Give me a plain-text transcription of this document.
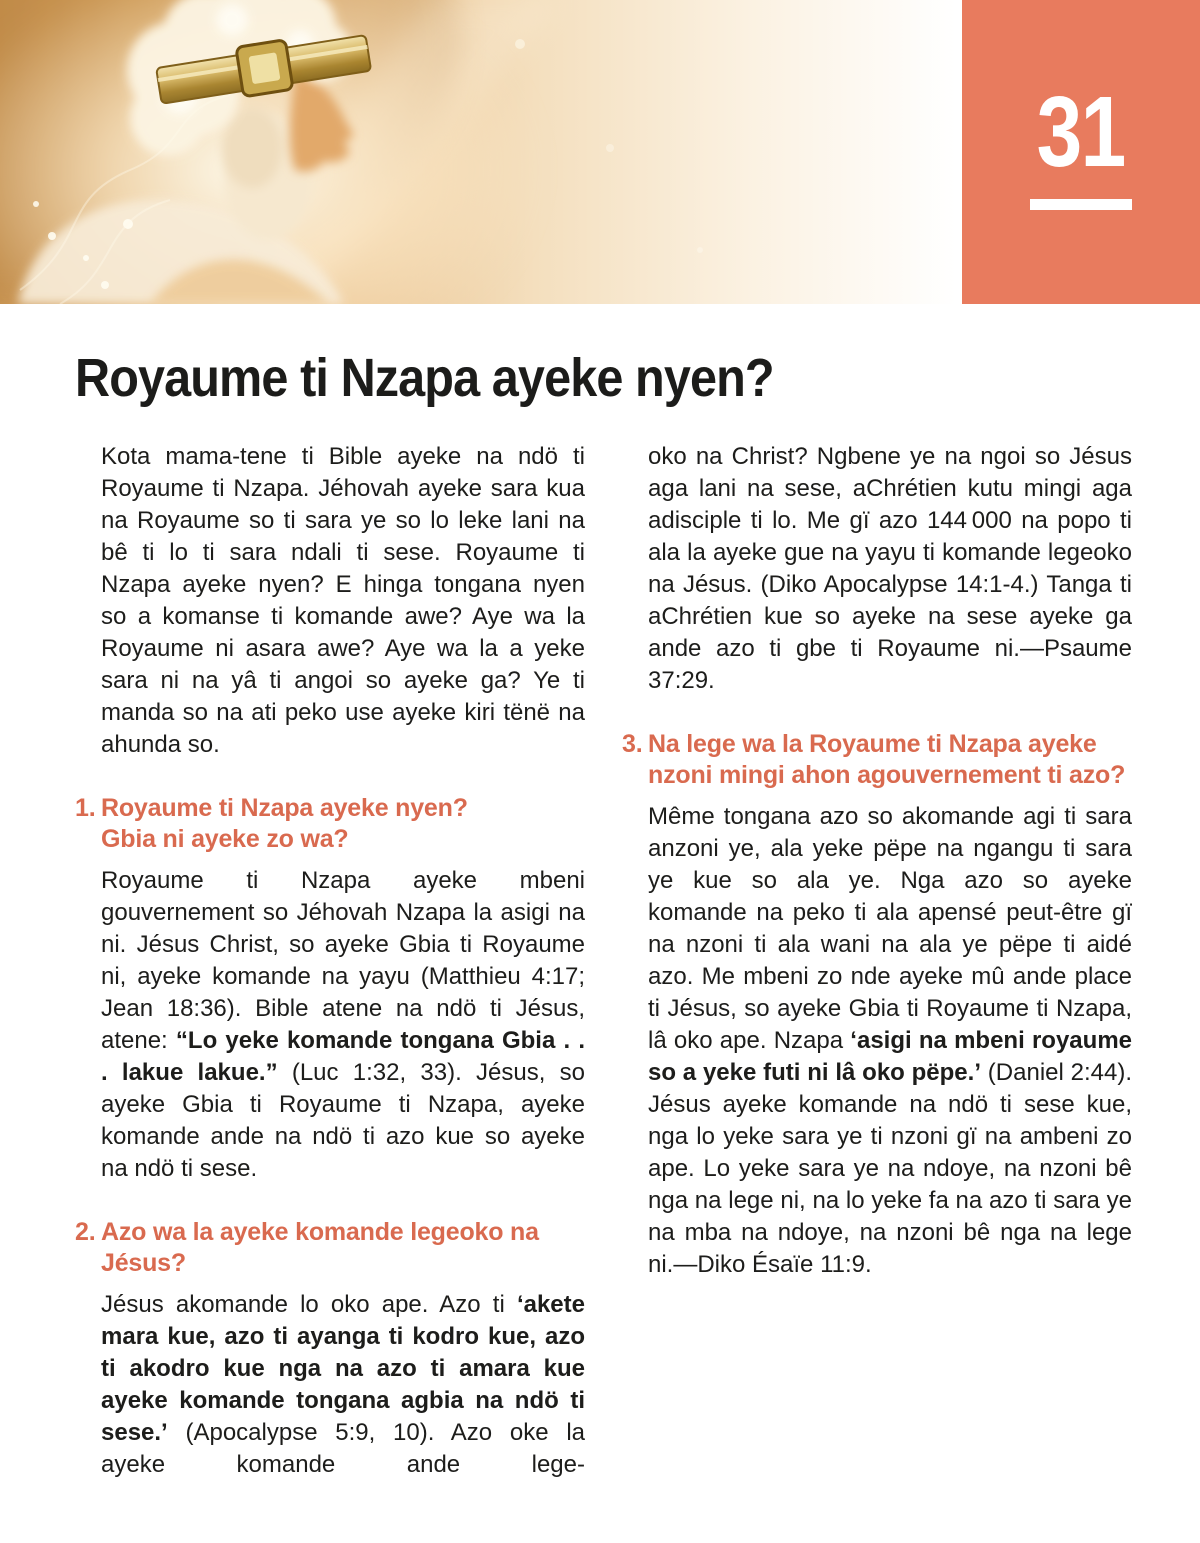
31
Royaume ti Nzapa ayeke nyen?

Kota mama-tene ti Bible ayeke na ndö ti Royaume ti Nzapa. Jéhovah ayeke sara kua na Royaume so ti sara ye so lo leke lani na bê ti lo ti sara ndali ti sese. Royaume ti Nzapa ayeke nyen? E hinga tongana nyen so a komanse ti komande awe? Aye wa la Royaume ni asara awe? Aye wa la a yeke sara ni na yâ ti angoi so ayeke ga? Ye ti manda so na ati peko use ayeke kiri tënë na ahunda so.

1. Royaume ti Nzapa ayeke nyen?
Gbia ni ayeke zo wa?

Royaume ti Nzapa ayeke mbeni gouvernement so Jéhovah Nzapa la asigi na ni. Jésus Christ, so ayeke Gbia ti Royaume ni, ayeke komande na yayu (Matthieu 4:17; Jean 18:36). Bible atene na ndö ti Jésus, atene: “Lo yeke komande tongana Gbia . . . lakue lakue.” (Luc 1:32, 33). Jésus, so ayeke Gbia ti Royaume ti Nzapa, ayeke komande ande na ndö ti azo kue so ayeke na ndö ti sese.

2. Azo wa la ayeke komande legeoko na Jésus?

Jésus akomande lo oko ape. Azo ti ‘akete mara kue, azo ti ayanga ti kodro kue, azo ti akodro kue nga na azo ti amara kue ayeke komande tongana agbia na ndö ti sese.’ (Apocalypse 5:9, 10). Azo oke la ayeke komande ande lege-

oko na Christ? Ngbene ye na ngoi so Jésus aga lani na sese, aChrétien kutu mingi aga adisciple ti lo. Me gï azo 144 000 na popo ti ala la ayeke gue na yayu ti komande legeoko na Jésus. (Diko Apocalypse 14:1-4.) Tanga ti aChrétien kue so ayeke na sese ayeke ga ande azo ti gbe ti Royaume ni.—Psaume 37:29.

3. Na lege wa la Royaume ti Nzapa ayeke nzoni mingi ahon agouvernement ti azo?

Même tongana azo so akomande agi ti sara anzoni ye, ala yeke pëpe na ngangu ti sara ye kue so ala ye. Nga azo so ayeke komande na peko ti ala apensé peut-être gï na nzoni ti ala wani na ala ye pëpe ti aidé azo. Me mbeni zo nde ayeke mû ande place ti Jésus, so ayeke Gbia ti Royaume ti Nzapa, lâ oko ape. Nzapa ‘asigi na mbeni royaume so a yeke futi ni lâ oko pëpe.’ (Daniel 2:44). Jésus ayeke komande na ndö ti sese kue, nga lo yeke sara ye ti nzoni gï na ambeni zo ape. Lo yeke sara ye na ndoye, na nzoni bê nga na lege ni, na lo yeke fa na azo ti sara ye na mba na ndoye, na nzoni bê nga na lege ni.—Diko Ésaïe 11:9.
